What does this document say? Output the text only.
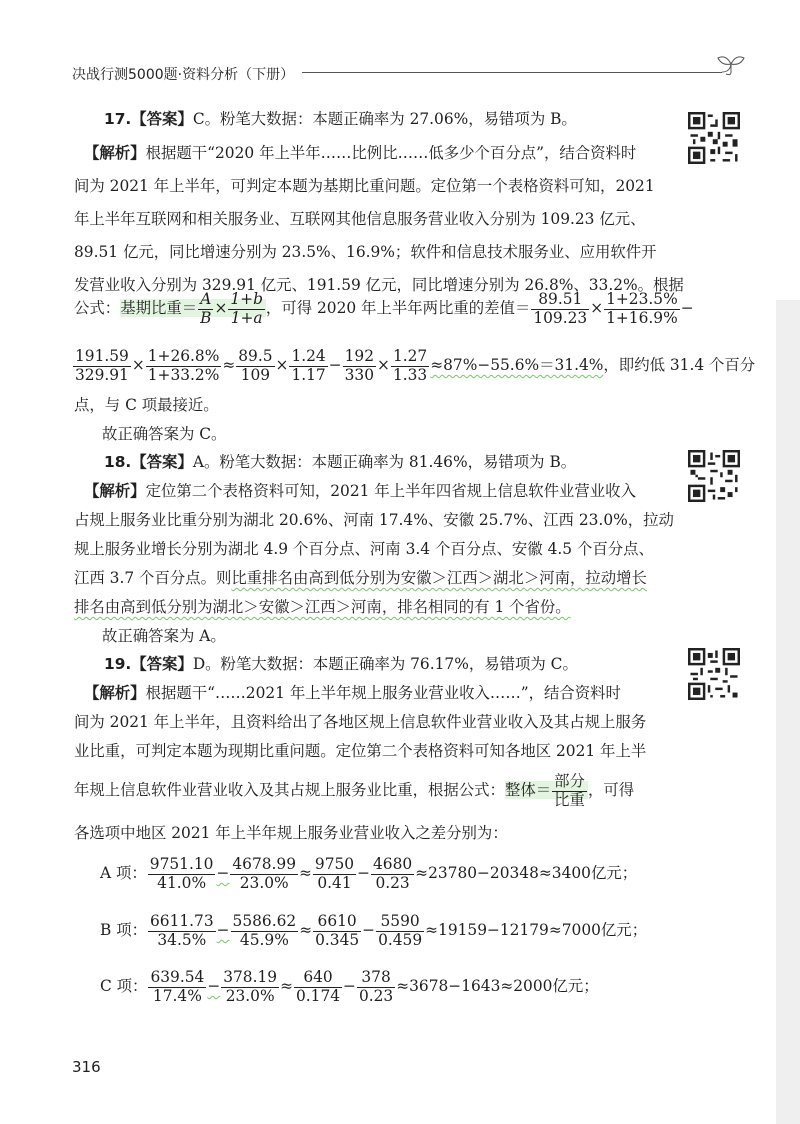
决战行测5000题·资料分析（下册）
17.【答案】C。粉笔大数据：本题正确率为 27.06%，易错项为 B。
【解析】根据题干“2020 年上半年……比例比……低多少个百分点”，结合资料时
间为 2021 年上半年，可判定本题为基期比重问题。定位第一个表格资料可知，2021
年上半年互联网和相关服务业、互联网其他信息服务营业收入分别为 109.23 亿元、
89.51 亿元，同比增速分别为 23.5%、16.9%；软件和信息技术服务业、应用软件开
发营业收入分别为 329.91 亿元、191.59 亿元，同比增速分别为 26.8%、33.2%。根据
公式：基期比重＝ $\frac{A}{B} \times \frac{1+b}{1+a}$ ，可得 2020 年上半年两比重的差值＝ $\frac{89.51}{109.23} \times \frac{1+23.5\%}{1+16.9\%}$ −
$\frac{191.59}{329.91} \times \frac{1+26.8\%}{1+33.2\%} \approx \frac{89.5}{109} \times \frac{1.24}{1.17} - \frac{192}{330} \times \frac{1.27}{1.33} \approx 87\%-55.6\%=31.4\%$，即约低 31.4 个百分
点，与 C 项最接近。
故正确答案为 C。
18.【答案】A。粉笔大数据：本题正确率为 81.46%，易错项为 B。
【解析】定位第二个表格资料可知，2021 年上半年四省规上信息软件业营业收入
占规上服务业比重分别为湖北 20.6%、河南 17.4%、安徽 25.7%、江西 23.0%，拉动
规上服务业增长分别为湖北 4.9 个百分点、河南 3.4 个百分点、安徽 4.5 个百分点、
江西 3.7 个百分点。则比重排名由高到低分别为安徽＞江西＞湖北＞河南，拉动增长
排名由高到低分别为湖北＞安徽＞江西＞河南，排名相同的有 1 个省份。
故正确答案为 A。
19.【答案】D。粉笔大数据：本题正确率为 76.17%，易错项为 C。
【解析】根据题干“……2021 年上半年规上服务业营业收入……”，结合资料时
间为 2021 年上半年，且资料给出了各地区规上信息软件业营业收入及其占规上服务
业比重，可判定本题为现期比重问题。定位第二个表格资料可知各地区 2021 年上半
年规上信息软件业营业收入及其占规上服务业比重，根据公式：整体＝ $\frac{\text{部分}}{\text{比重}}$ ，可得
各选项中地区 2021 年上半年规上服务业营业收入之差分别为：
A 项： $\frac{9751.10}{41.0\%} - \frac{4678.99}{23.0\%} \approx \frac{9750}{0.41} - \frac{4680}{0.23} \approx 23780-20348\approx 3400$亿元；
B 项： $\frac{6611.73}{34.5\%} - \frac{5586.62}{45.9\%} \approx \frac{6610}{0.345} - \frac{5590}{0.459} \approx 19159-12179\approx 7000$亿元；
C 项： $\frac{639.54}{17.4\%} - \frac{378.19}{23.0\%} \approx \frac{640}{0.174} - \frac{378}{0.23} \approx 3678-1643\approx 2000$亿元；
316
